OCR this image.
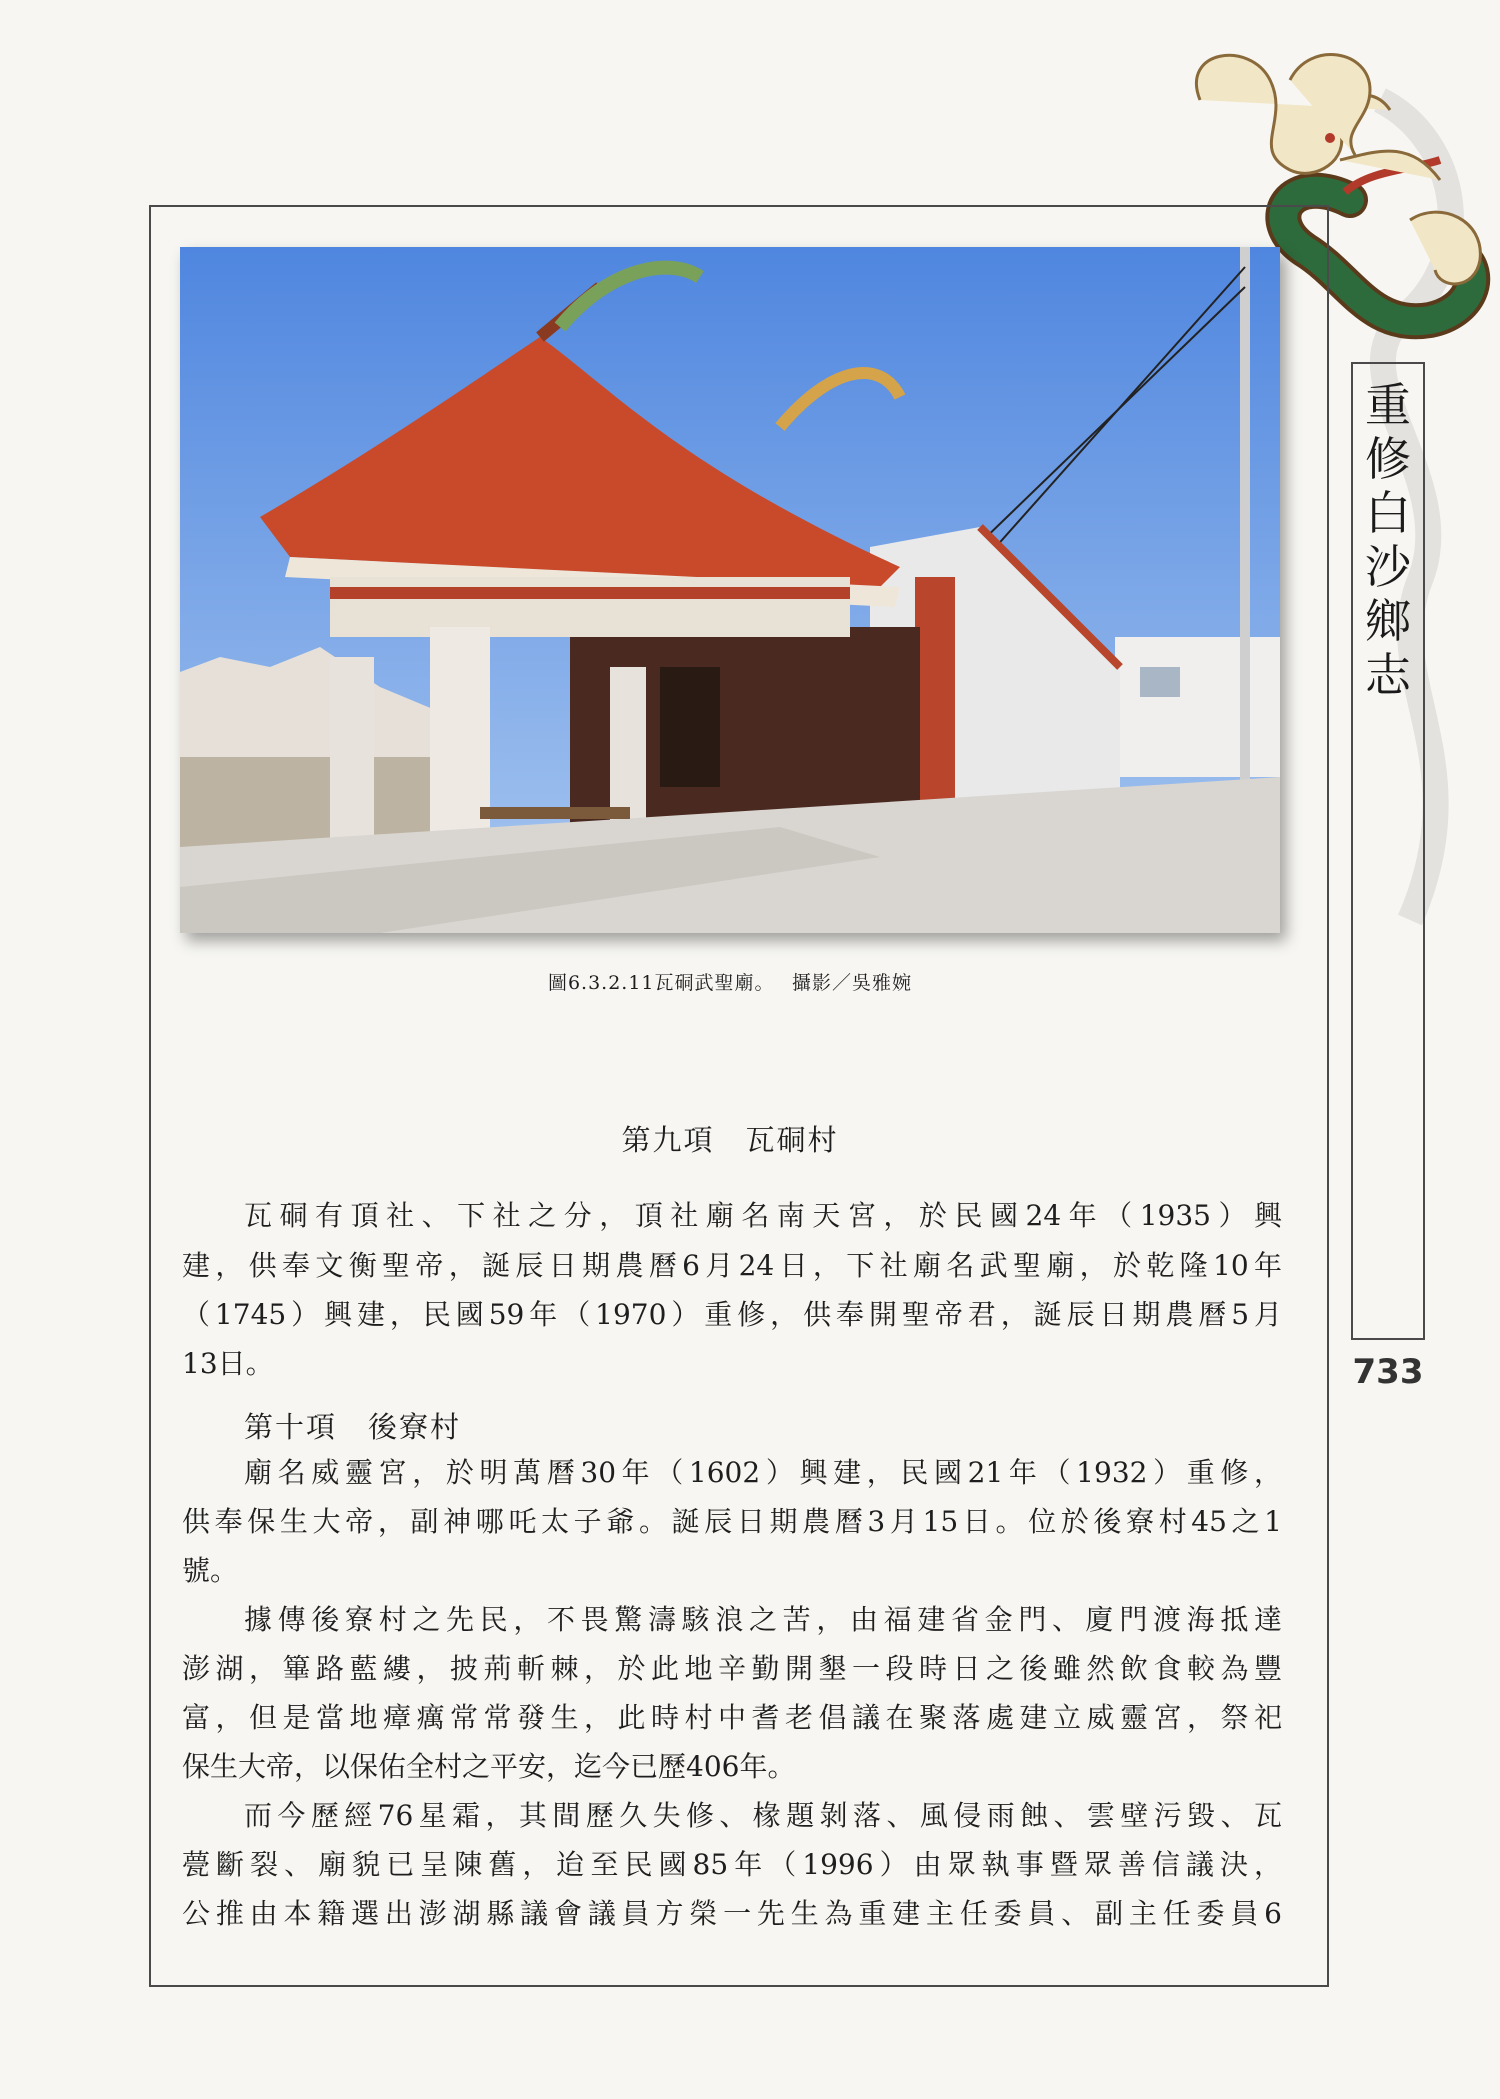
圖6.3.2.11瓦硐武聖廟。　 攝影／吳雅婉
第九項　瓦硐村
瓦硐有頂社、下社之分，頂社廟名南天宮，於民國24年（1935）興
建，供奉文衡聖帝，誕辰日期農曆6月24日，下社廟名武聖廟，於乾隆10年
（1745）興建，民國59年（1970）重修，供奉開聖帝君，誕辰日期農曆5月
13日。
第十項　後寮村
廟名威靈宮，於明萬曆30年（1602）興建，民國21年（1932）重修，
供奉保生大帝，副神哪吒太子爺。誕辰日期農曆3月15日。位於後寮村45之1
號。
據傳後寮村之先民，不畏驚濤駭浪之苦，由福建省金門、廈門渡海抵達
澎湖，篳路藍縷，披荊斬棘，於此地辛勤開墾一段時日之後雖然飲食較為豐
富，但是當地瘴癘常常發生，此時村中耆老倡議在聚落處建立威靈宮，祭祀
保生大帝，以保佑全村之平安，迄今已歷406年。
而今歷經76星霜，其間歷久失修、椽題剝落、風侵雨蝕、雲壁污毀、瓦
甍斷裂、廟貌已呈陳舊，迨至民國85年（1996）由眾執事暨眾善信議決，
公推由本籍選出澎湖縣議會議員方榮一先生為重建主任委員、副主任委員6
重
修
白
沙
鄉
志
733
